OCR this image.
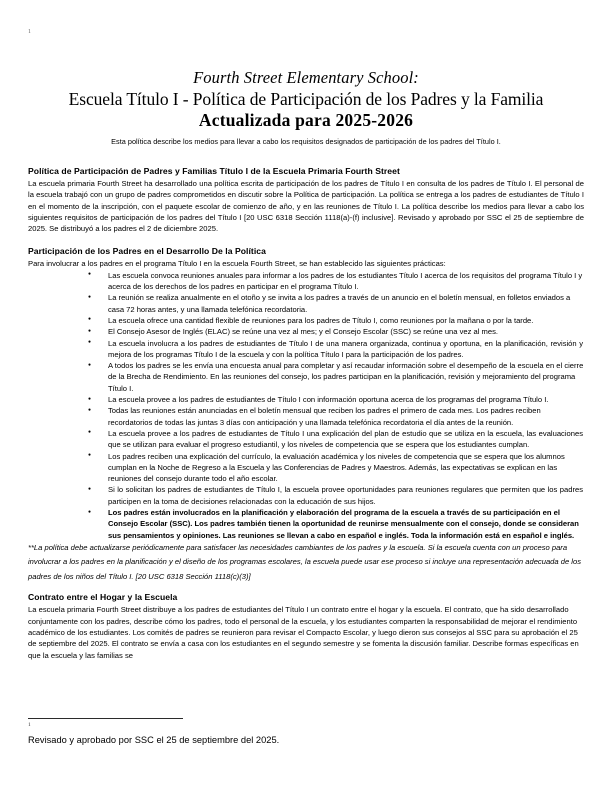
1
Fourth Street Elementary School:
Escuela Título I - Política de Participación de los Padres y la Familia
Actualizada para 2025-2026
Esta política describe los medios para llevar a cabo los requisitos designados de participación de los padres del Título I.
Política de Participación de Padres y Familias Título I de la Escuela Primaria Fourth Street

La escuela primaria Fourth Street ha desarrollado una política escrita de participación de los padres de Título I en consulta de los padres de Título I. El personal de la escuela trabajó con un grupo de padres comprometidos en discutir sobre la Política de participación. La política se entrega a los padres de estudiantes de Título I en el momento de la inscripción, con el paquete escolar de comienzo de año, y en las reuniones de Título I. La política describe los medios para llevar a cabo los siguientes requisitos de participación de los padres del Título I [20 USC 6318 Sección 1118(a)-(f) inclusive]. Revisado y aprobado por SSC el 25 de septiembre de 2025. Se distribuyó a los padres el 2 de diciembre 2025.

Participación de los Padres en el Desarrollo De la Política

Para involucrar a los padres en el programa Título I en la escuela Fourth Street, se han establecido las siguientes prácticas:

● Las escuela convoca reuniones anuales para informar a los padres de los estudiantes Título I acerca de los requisitos del programa Título I y acerca de los derechos de los padres en participar en el programa Título I.
● La reunión se realiza anualmente en el otoño y se invita a los padres a través de un anuncio en el boletín mensual, en folletos enviados a casa 72 horas antes, y una llamada telefónica recordatoria.
● La escuela ofrece una cantidad flexible de reuniones para los padres de Título I, como reuniones por la mañana o por la tarde.
● El Consejo Asesor de Inglés (ELAC) se reúne una vez al mes; y el Consejo Escolar (SSC) se reúne una vez al mes.
● La escuela involucra a los padres de estudiantes de Título I de una manera organizada, continua y oportuna, en la planificación, revisión y mejora de los programas Título I de la escuela y con la política Título I para la participación de los padres.
● A todos los padres se les envía una encuesta anual para completar y así recaudar información sobre el desempeño de la escuela en el cierre de la Brecha de Rendimiento. En las reuniones del consejo, los padres participan en la planificación, revisión y mejoramiento del programa Título I.
● La escuela provee a los padres de estudiantes de Título I con información oportuna acerca de los programas del programa Título I.
● Todas las reuniones están anunciadas en el boletín mensual que reciben los padres el primero de cada mes. Los padres reciben recordatorios de todas las juntas 3 días con anticipación y una llamada telefónica recordatoria el día antes de la reunión.
● La escuela provee a los padres de estudiantes de Título I una explicación del plan de estudio que se utiliza en la escuela, las evaluaciones que se utilizan para evaluar el progreso estudiantil, y los niveles de competencia que se espera que los estudiantes cumplan.
● Los padres reciben una explicación del currículo, la evaluación académica y los niveles de competencia que se espera que los alumnos cumplan en la Noche de Regreso a la Escuela y las Conferencias de Padres y Maestros. Además, las expectativas se explican en las reuniones del consejo durante todo el año escolar.
● Si lo solicitan los padres de estudiantes de Título I, la escuela provee oportunidades para reuniones regulares que permiten que los padres participen en la toma de decisiones relacionadas con la educación de sus hijos.
● Los padres están involucrados en la planificación y elaboración del programa de la escuela a través de su participación en el Consejo Escolar (SSC). Los padres también tienen la oportunidad de reunirse mensualmente con el consejo, donde se consideran sus pensamientos y opiniones. Las reuniones se llevan a cabo en español e inglés. Toda la información está en español e inglés.

**La política debe actualizarse periódicamente para satisfacer las necesidades cambiantes de los padres y la escuela. Si la escuela cuenta con un proceso para involucrar a los padres en la planificación y el diseño de los programas escolares, la escuela puede usar ese proceso si incluye una representación adecuada de los padres de los niños del Título I. [20 USC 6318 Sección 1118(c)(3)]

Contrato entre el Hogar y la Escuela

La escuela primaria Fourth Street distribuye a los padres de estudiantes del Título I un contrato entre el hogar y la escuela. El contrato, que ha sido desarrollado conjuntamente con los padres, describe cómo los padres, todo el personal de la escuela, y los estudiantes comparten la responsabilidad de mejorar el rendimiento académico de los estudiantes. Los comités de padres se reunieron para revisar el Compacto Escolar, y luego dieron sus consejos al SSC para su aprobación el 25 de septiembre del 2025. El contrato se envía a casa con los estudiantes en el segundo semestre y se fomenta la discusión familiar. Describe formas específicas en que la escuela y las familias se

1
Revisado y aprobado por SSC el 25 de septiembre del 2025.
